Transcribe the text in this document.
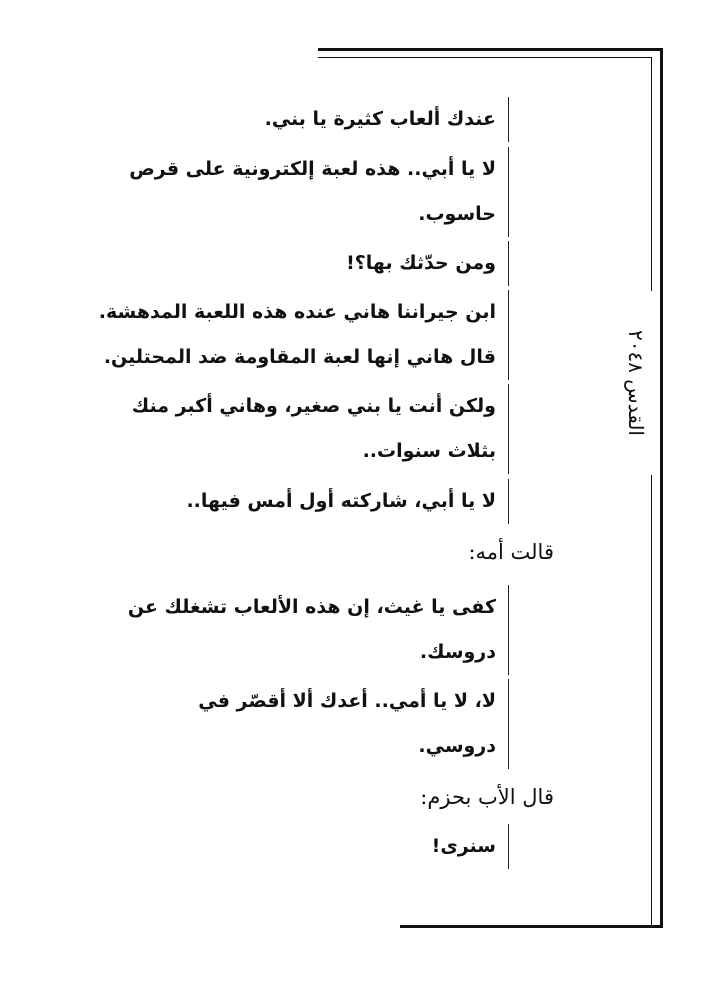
القدس ٢٠٤٨
عندك ألعاب كثيرة يا بني.
لا يا أبي.. هذه لعبة إلكترونية على قرص
حاسوب.
ومن حدّثك بها؟!
ابن جيراننا هاني عنده هذه اللعبة المدهشة.
قال هاني إنها لعبة المقاومة ضد المحتلين.
ولكن أنت يا بني صغير، وهاني أكبر منك
بثلاث سنوات..
لا يا أبي، شاركته أول أمس فيها..
قالت أمه:
كفى يا غيث، إن هذه الألعاب تشغلك عن
دروسك.
لا، لا يا أمي.. أعدك ألا أقصّر في
دروسي.
قال الأب بحزم:
سنرى!
